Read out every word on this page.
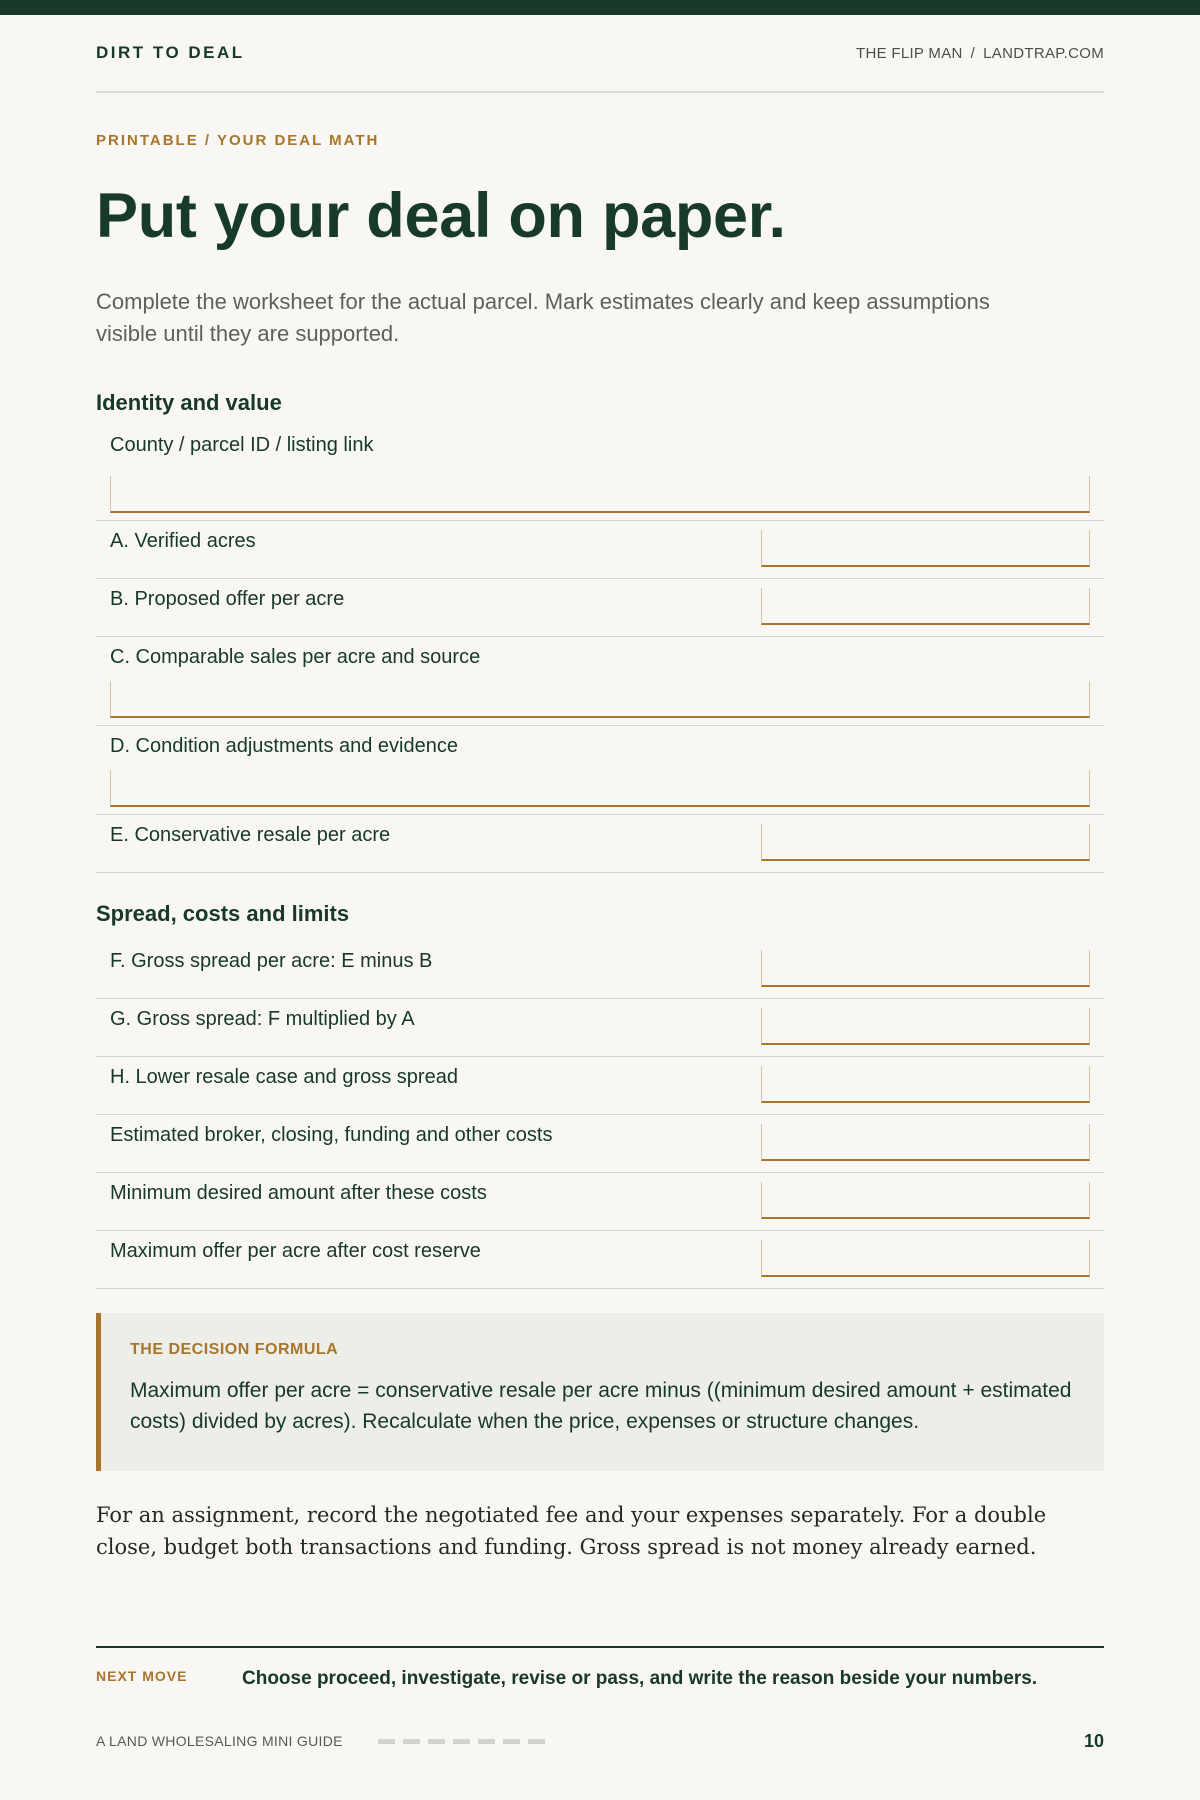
DIRT TO DEAL	THE FLIP MAN / LANDTRAP.COM
PRINTABLE / YOUR DEAL MATH
Put your deal on paper.
Complete the worksheet for the actual parcel. Mark estimates clearly and keep assumptions visible until they are supported.
Identity and value
County / parcel ID / listing link
A. Verified acres
B. Proposed offer per acre
C. Comparable sales per acre and source
D. Condition adjustments and evidence
E. Conservative resale per acre
Spread, costs and limits
F. Gross spread per acre: E minus B
G. Gross spread: F multiplied by A
H. Lower resale case and gross spread
Estimated broker, closing, funding and other costs
Minimum desired amount after these costs
Maximum offer per acre after cost reserve
THE DECISION FORMULA
Maximum offer per acre = conservative resale per acre minus ((minimum desired amount + estimated costs) divided by acres). Recalculate when the price, expenses or structure changes.
For an assignment, record the negotiated fee and your expenses separately. For a double close, budget both transactions and funding. Gross spread is not money already earned.
NEXT MOVE	Choose proceed, investigate, revise or pass, and write the reason beside your numbers.
A LAND WHOLESALING MINI GUIDE	10
